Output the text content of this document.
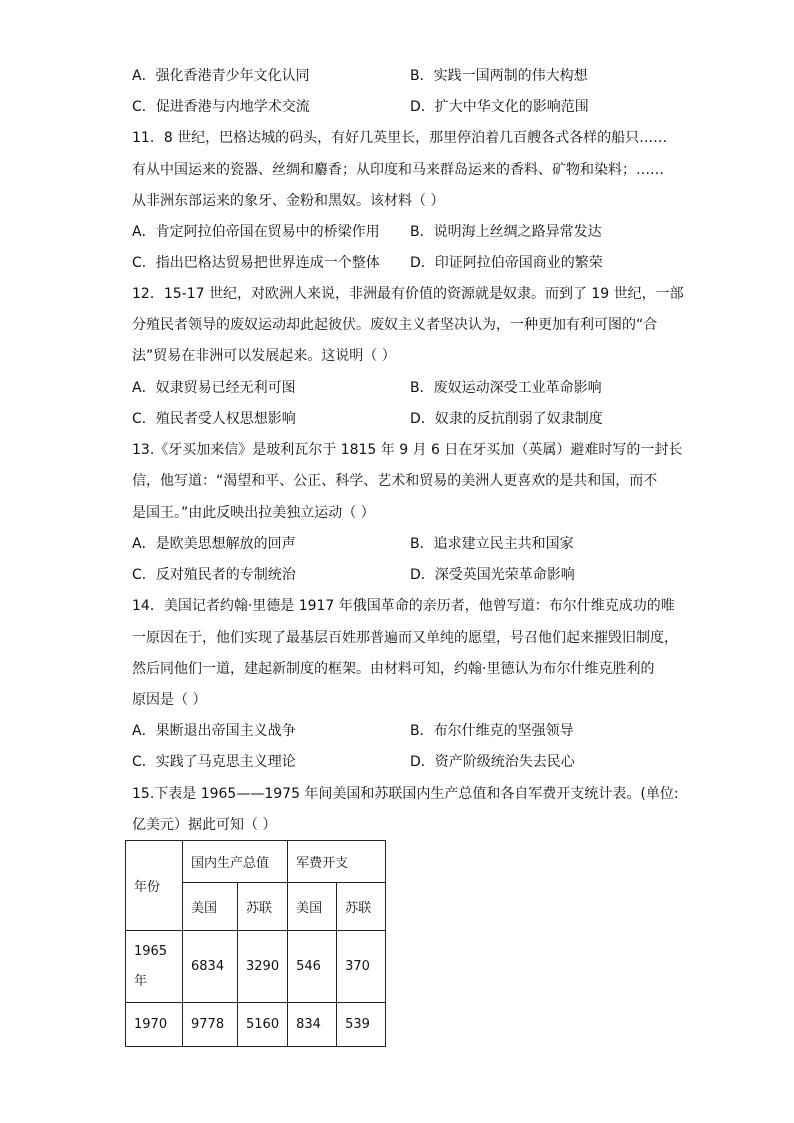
A．强化香港青少年文化认同	B．实践一国两制的伟大构想
C．促进香港与内地学术交流	D．扩大中华文化的影响范围
11．8 世纪，巴格达城的码头，有好几英里长，那里停泊着几百艘各式各样的船只……
有从中国运来的瓷器、丝绸和麝香；从印度和马来群岛运来的香料、矿物和染料；……
从非洲东部运来的象牙、金粉和黑奴。该材料（ ）
A．肯定阿拉伯帝国在贸易中的桥梁作用 B．说明海上丝绸之路异常发达
C．指出巴格达贸易把世界连成一个整体 D．印证阿拉伯帝国商业的繁荣
12．15-17 世纪，对欧洲人来说，非洲最有价值的资源就是奴隶。而到了 19 世纪，一部
分殖民者领导的废奴运动却此起彼伏。废奴主义者坚决认为，一种更加有利可图的“合
法”贸易在非洲可以发展起来。这说明（ ）
A．奴隶贸易已经无利可图	B．废奴运动深受工业革命影响
C．殖民者受人权思想影响	D．奴隶的反抗削弱了奴隶制度
13.《牙买加来信》是玻利瓦尔于 1815 年 9 月 6 日在牙买加（英属）避难时写的一封长
信，他写道：“渴望和平、公正、科学、艺术和贸易的美洲人更喜欢的是共和国，而不
是国王。”由此反映出拉美独立运动（ ）
A．是欧美思想解放的回声	B．追求建立民主共和国家
C．反对殖民者的专制统治	D．深受英国光荣革命影响
14．美国记者约翰·里德是 1917 年俄国革命的亲历者，他曾写道：布尔什维克成功的唯
一原因在于，他们实现了最基层百姓那普遍而又单纯的愿望，号召他们起来摧毁旧制度，
然后同他们一道，建起新制度的框架。由材料可知，约翰·里德认为布尔什维克胜利的
原因是（ ）
A．果断退出帝国主义战争	B．布尔什维克的坚强领导
C．实践了马克思主义理论	D．资产阶级统治失去民心
15.下表是 1965——1975 年间美国和苏联国内生产总值和各自军费开支统计表。(单位:
亿美元）据此可知（ ）
年份	国内生产总值		军费开支	
	美国	苏联	美国	苏联
1965年	6834	3290	546	370
1970	9778	5160	834	539
